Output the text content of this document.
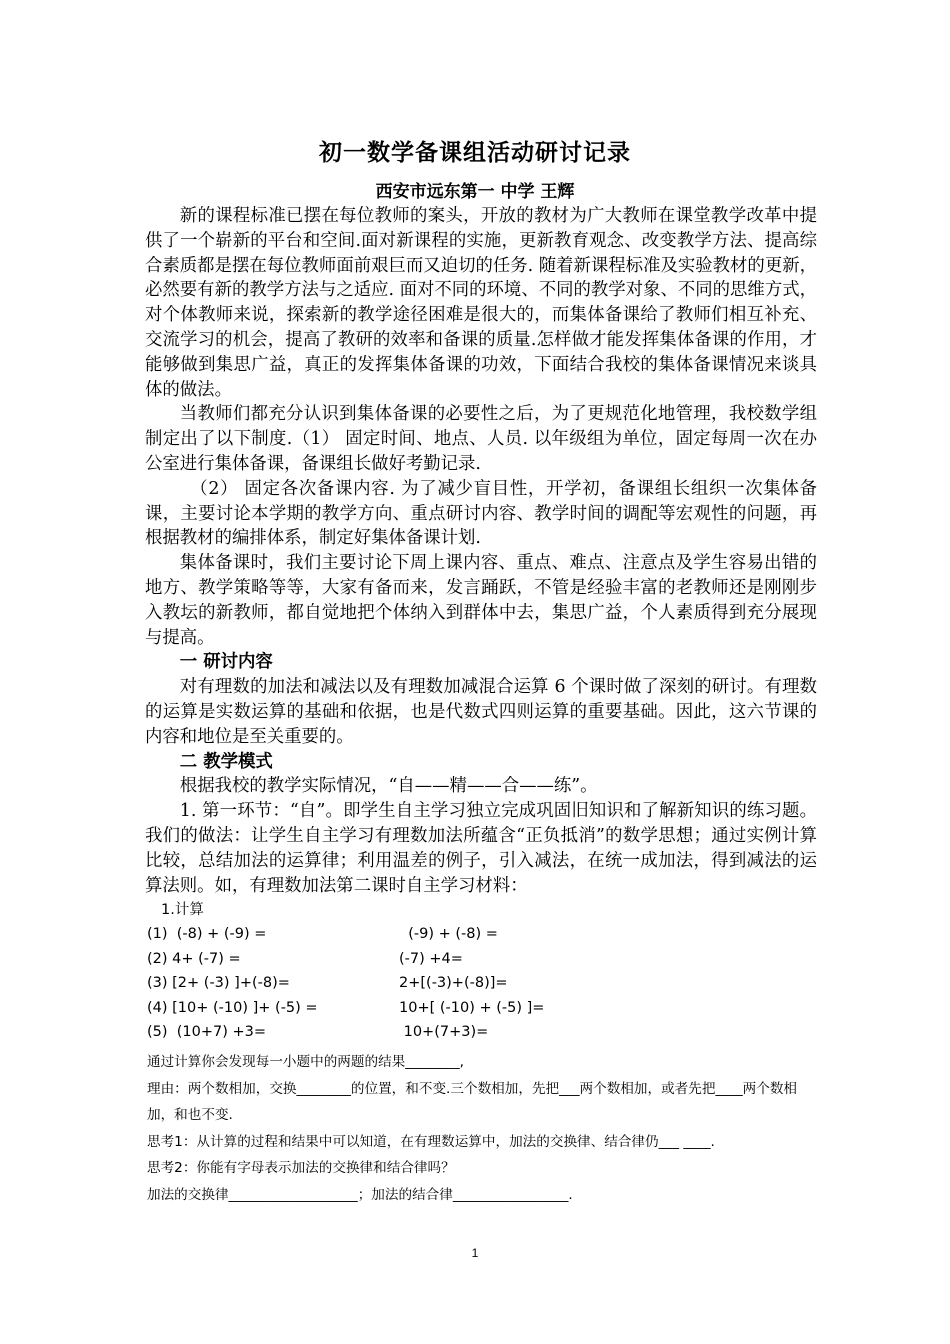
初一数学备课组活动研讨记录
西安市远东第一 中学 王辉

新的课程标准已摆在每位教师的案头，开放的教材为广大教师在课堂教学改革中提供了一个崭新的平台和空间.面对新课程的实施，更新教育观念、改变教学方法、提高综合素质都是摆在每位教师面前艰巨而又迫切的任务. 随着新课程标准及实验教材的更新，必然要有新的教学方法与之适应. 面对不同的环境、不同的教学对象、不同的思维方式，对个体教师来说，探索新的教学途径困难是很大的，而集体备课给了教师们相互补充、交流学习的机会，提高了教研的效率和备课的质量.怎样做才能发挥集体备课的作用，才能够做到集思广益，真正的发挥集体备课的功效，下面结合我校的集体备课情况来谈具体的做法。

当教师们都充分认识到集体备课的必要性之后，为了更规范化地管理，我校数学组制定出了以下制度.（1） 固定时间、地点、人员. 以年级组为单位，固定每周一次在办公室进行集体备课，备课组长做好考勤记录.

（2） 固定各次备课内容. 为了减少盲目性，开学初，备课组长组织一次集体备课，主要讨论本学期的教学方向、重点研讨内容、教学时间的调配等宏观性的问题，再根据教材的编排体系，制定好集体备课计划.

集体备课时，我们主要讨论下周上课内容、重点、难点、注意点及学生容易出错的地方、教学策略等等，大家有备而来，发言踊跃，不管是经验丰富的老教师还是刚刚步入教坛的新教师，都自觉地把个体纳入到群体中去，集思广益，个人素质得到充分展现与提高。

一 研讨内容

对有理数的加法和减法以及有理数加减混合运算 6 个课时做了深刻的研讨。有理数的运算是实数运算的基础和依据，也是代数式四则运算的重要基础。因此，这六节课的内容和地位是至关重要的。

二 教学模式

根据我校的教学实际情况，“自——精——合——练”。

1. 第一环节：“自”。即学生自主学习独立完成巩固旧知识和了解新知识的练习题。我们的做法：让学生自主学习有理数加法所蕴含“正负抵消”的数学思想；通过实例计算比较，总结加法的运算律；利用温差的例子，引入减法，在统一成加法，得到减法的运算法则。如，有理数加法第二课时自主学习材料：

1.计算

(1)  (-8) + (-9) =	(-9) + (-8) =
(2) 4+ (-7) =	(-7) +4=
(3) [2+ (-3) ]+(-8)=	2+[(-3)+(-8)]=
(4) [10+ (-10) ]+ (-5) =	10+[ (-10) + (-5) ]=
(5)  (10+7) +3=	10+(7+3)=

通过计算你会发现每一小题中的两题的结果________,

理由：两个数相加，交换________的位置，和不变.三个数相加，先把___两个数相加，或者先把____两个数相加，和也不变.

思考1：从计算的过程和结果中可以知道，在有理数运算中，加法的交换律、结合律仍___ ____.

思考2：你能有字母表示加法的交换律和结合律吗？

加法的交换律___________________；加法的结合律_________________.

1
